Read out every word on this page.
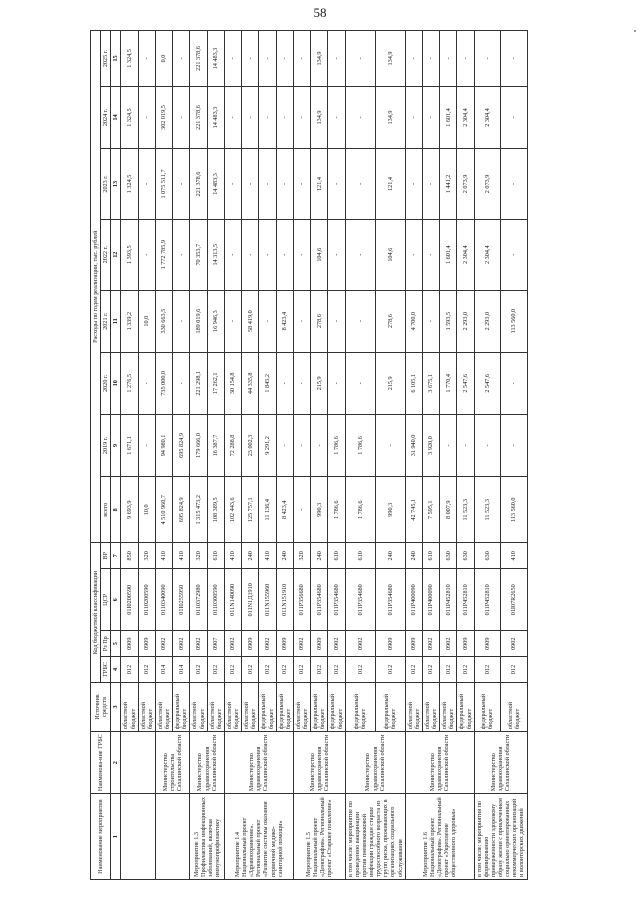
58
Наименование мероприятия	Наименова-ние ГРБС	Источник средств	Код бюджетной классификации				Расходы по годам реализации, тыс. рублей							
			ГРБС	Рз Пр	ЦСР	ВР	всего	2019 г.	2020 г.	2021 г.	2022 г.	2023 г.	2024 г.	2025 г.
1	2	3	4	5	6	7	8	9	10	11	12	13	14	15
		областной бюджет	012	0909	01I0200590	850	9 693,9	1 671,1	1 276,5	1 339,2	1 393,5	1 324,5	1 324,5	1 324,5
		областной бюджет	012	0909	0110200590	320	10,0	-	-	10,0	-	-	-	-
	Министерство строительства Сахалинской области	областной бюджет	014	0902	0110340090	410	4 510 960,7	94 980,1	735 000,0	330 663,5	1 772 785,9	1 075 511,7	302 019,5	0,0
		федеральный бюджет	014	0902	01I0255950	410	695 824,9	695 824,9	-	-	-	-	-	-
Мероприятие 1.3 Профилактика инфекционных заболеваний, включая иммунопрофилактику	Министерство здравоохранения Сахалинской области	областной бюджет	012	0902	0110372980	320	1 315 473,2	179 666,0	221 298,1	189 019,6	70 353,7	221 378,6	221 378,6	221 378,6
		областной бюджет	012	0907	0110300590	610	108 389,5	16 387,7	17 262,1	16 946,3	14 313,5	14 483,3	14 483,3	14 483,3
Мероприятие 1.4 Национальный проект «Здравоохранение». Региональный проект «Развитие системы оказания первичной медико-санитарной помощи»	Министерство здравоохранения Сахалинской области	областной бюджет	012	0902	011N140090	410	102 443,6	72 288,8	30 154,8	-	-	-	-	-
		областной бюджет	012	0909	011N1Д1910	240	125 757,1	23 002,3	44 335,8	58 419,0	-	-	-	-
		федеральный бюджет	012	0902	011N155960	410	11 136,4	9 291,2	1 845,2	-	-	-	-	-
		федеральный бюджет	012	0909	011N151910	240	8 423,4	-	-	8 423,4	-	-	-	-
Мероприятие 1.5 Национальный проект «Демография». Региональный проект «Старшее поколение»	Министерство здравоохранения Сахалинской области	областной бюджет	012	0902	011P356680	320	-	-	-	-	-	-	-	-
		федеральный бюджет	012	0909	011P354680	240	990,3	-	215,9	278,6	104,6	121,4	134,9	134,9
		федеральный бюджет	012	0902	011P354680	610	1 786,6	1 786,6	-	-	-	-	-	-
в том числе: мероприятие по проведению вакцинации против пневмококковой инфекции граждан старше трудоспособного возраста из групп риска, проживающих в организациях социального обслуживания	Министерство здравоохранения Сахалинской области	федеральный бюджет	012	0902	011P354680	610	1 786,6	1 786,6	-	-	-	-	-	-
		федеральный бюджет	012	0909	011P354680	240	990,3	-	215,9	278,6	104,6	121,4	134,9	134,9
Мероприятие 1.6 Национальный проект «Демография». Региональный проект «Укрепление общественного здоровья»	Министерство здравоохранения Сахалинской области	областной бюджет	012	0909	011P400090	240	42 745,1	31 940,0	6 105,1	4 700,0	-	-	-	-
		областной бюджет	012	0902	011P400090	610	7 595,1	3 920,0	3 675,1	-	-	-	-	-
		областной бюджет	012	0902	011P452810	630	8 007,9	-	1 770,4	1 593,5	1 601,4	1 441,2	1 601,4	-
		федеральный бюджет	012	0909	011P452810	630	11 523,3	-	2 547,6	2 293,0	2 304,4	2 073,9	2 304,4	-
в том числе: мероприятия по формированию приверженности здоровому образу жизни с привлечением социально ориентированных некоммерческих организаций и волонтерских движений	Министерство здравоохранения Сахалинской области	федеральный бюджет	012	0909	011P452810	630	11 523,3	-	2 547,6	2 293,0	2 304,4	2 073,9	2 304,4	-
		областной бюджет	012	0902	01I07R2650	410	113 560,0	-	-	113 560,0	-	-	-	-
